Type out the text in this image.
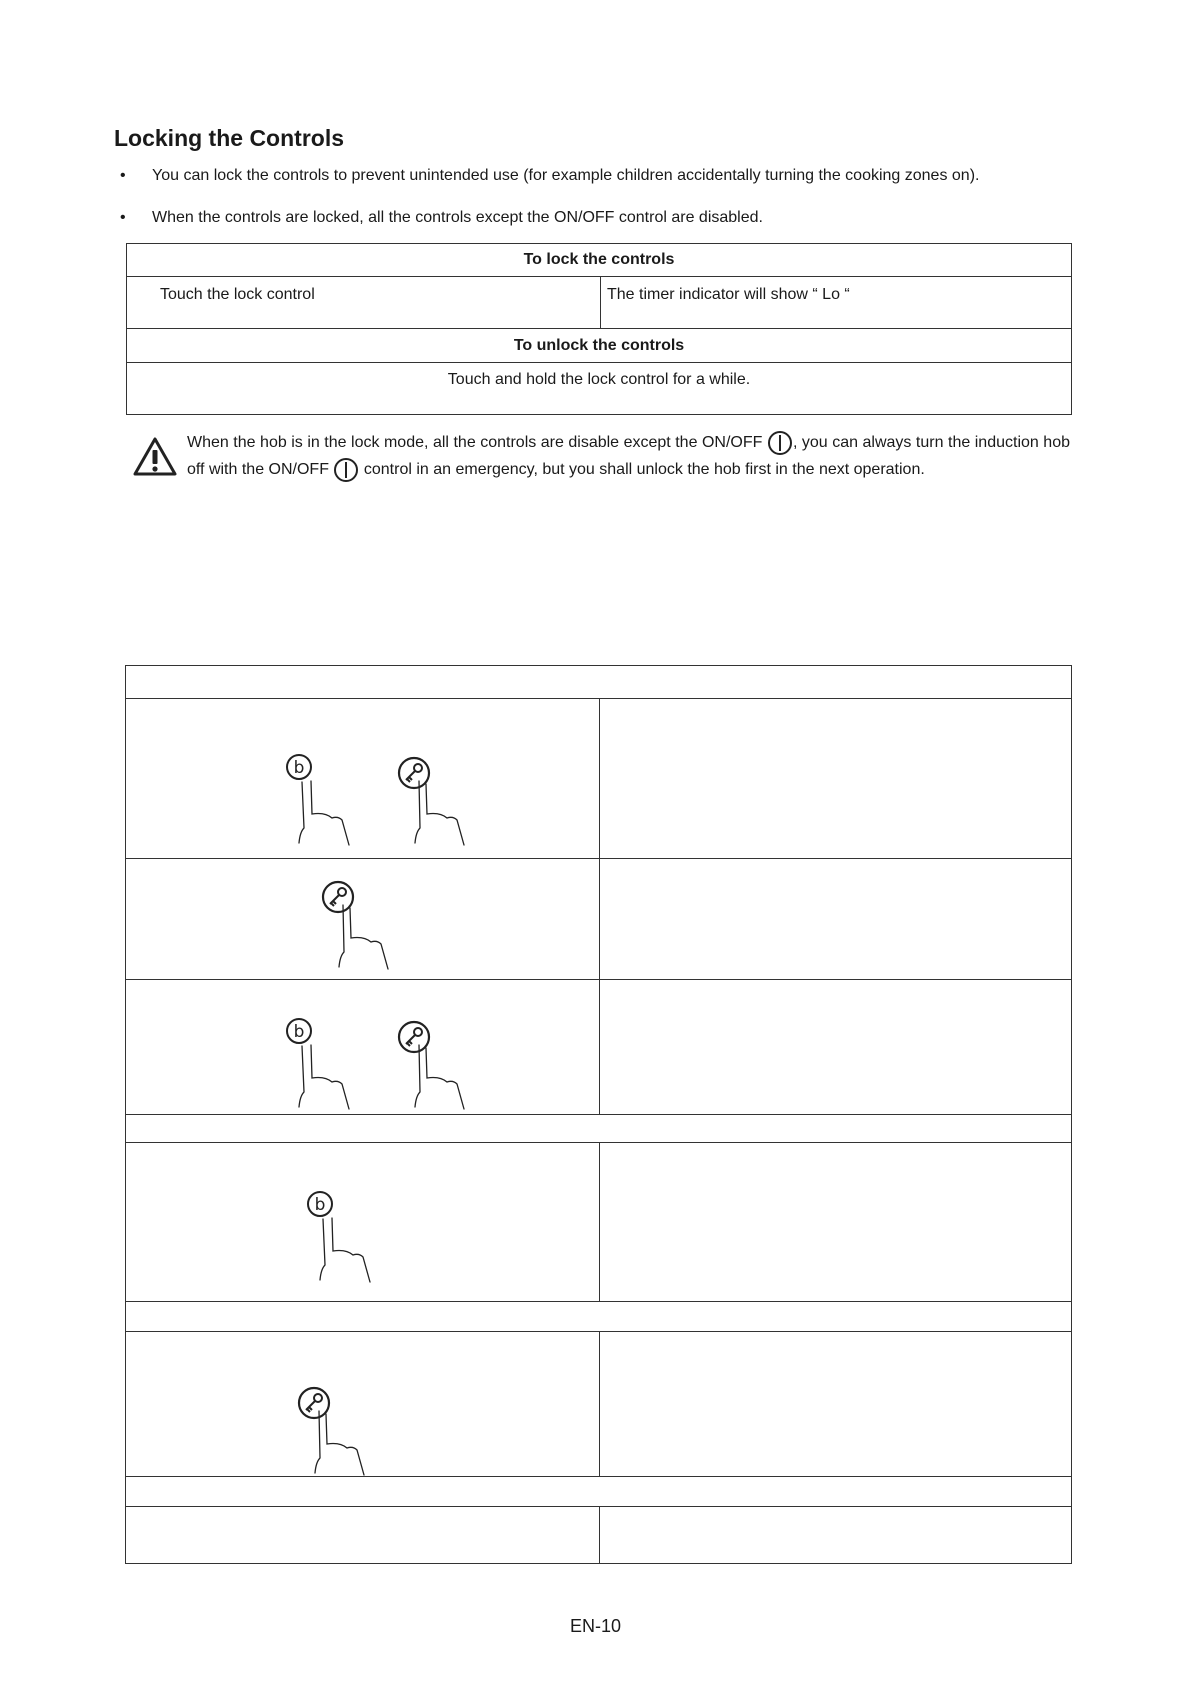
Locking the Controls
• You can lock the controls to prevent unintended use (for example children accidentally turning the cooking zones on).
• When the controls are locked, all the controls except the ON/OFF control are disabled.
To lock the controls
Touch the lock control	The timer indicator will show “ Lo “
To unlock the controls
Touch and hold the lock control for a while.
When the hob is in the lock mode, all the controls are disable except the ON/OFF , you can always turn the induction hob off with the ON/OFF control in an emergency, but you shall unlock the hob first in the next operation.
b
b
b
EN-10
